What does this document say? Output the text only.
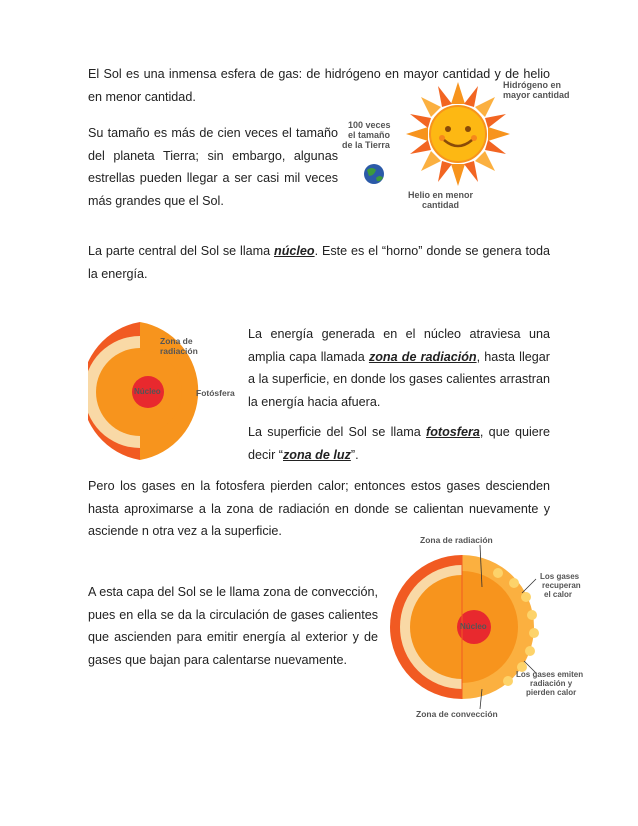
El Sol es una inmensa esfera de gas: de hidrógeno en mayor cantidad y de helio en menor cantidad.

Su tamaño es más de cien veces el tamaño del planeta Tierra; sin embargo, algunas estrellas pueden llegar a ser casi mil veces más grandes que el Sol.

Hidrógeno en
mayor cantidad
100 veces
el tamaño
de la Tierra
Helio en menor
cantidad

La parte central del Sol se llama núcleo. Este es el “horno” donde se genera toda la energía.

Zona de
radiación
Núcleo	Fotósfera

La energía generada en el núcleo atraviesa una amplia capa llamada zona de radiación, hasta llegar a la superficie, en donde los gases calientes arrastran la energía hacia afuera.

La superficie del Sol se llama fotosfera, que quiere decir “zona de luz”.

Pero los gases en la fotosfera pierden calor; entonces estos gases descienden hasta aproximarse a la zona de radiación en donde se calientan nuevamente y asciende n otra vez a la superficie.

A esta capa del Sol se le llama zona de convección, pues en ella se da la circulación de gases calientes que ascienden para emitir energía al exterior y de gases que bajan para calentarse nuevamente.

Zona de radiación
Los gases
recuperan
el calor
Núcleo
Los gases emiten
radiación y
pierden calor
Zona de convección
